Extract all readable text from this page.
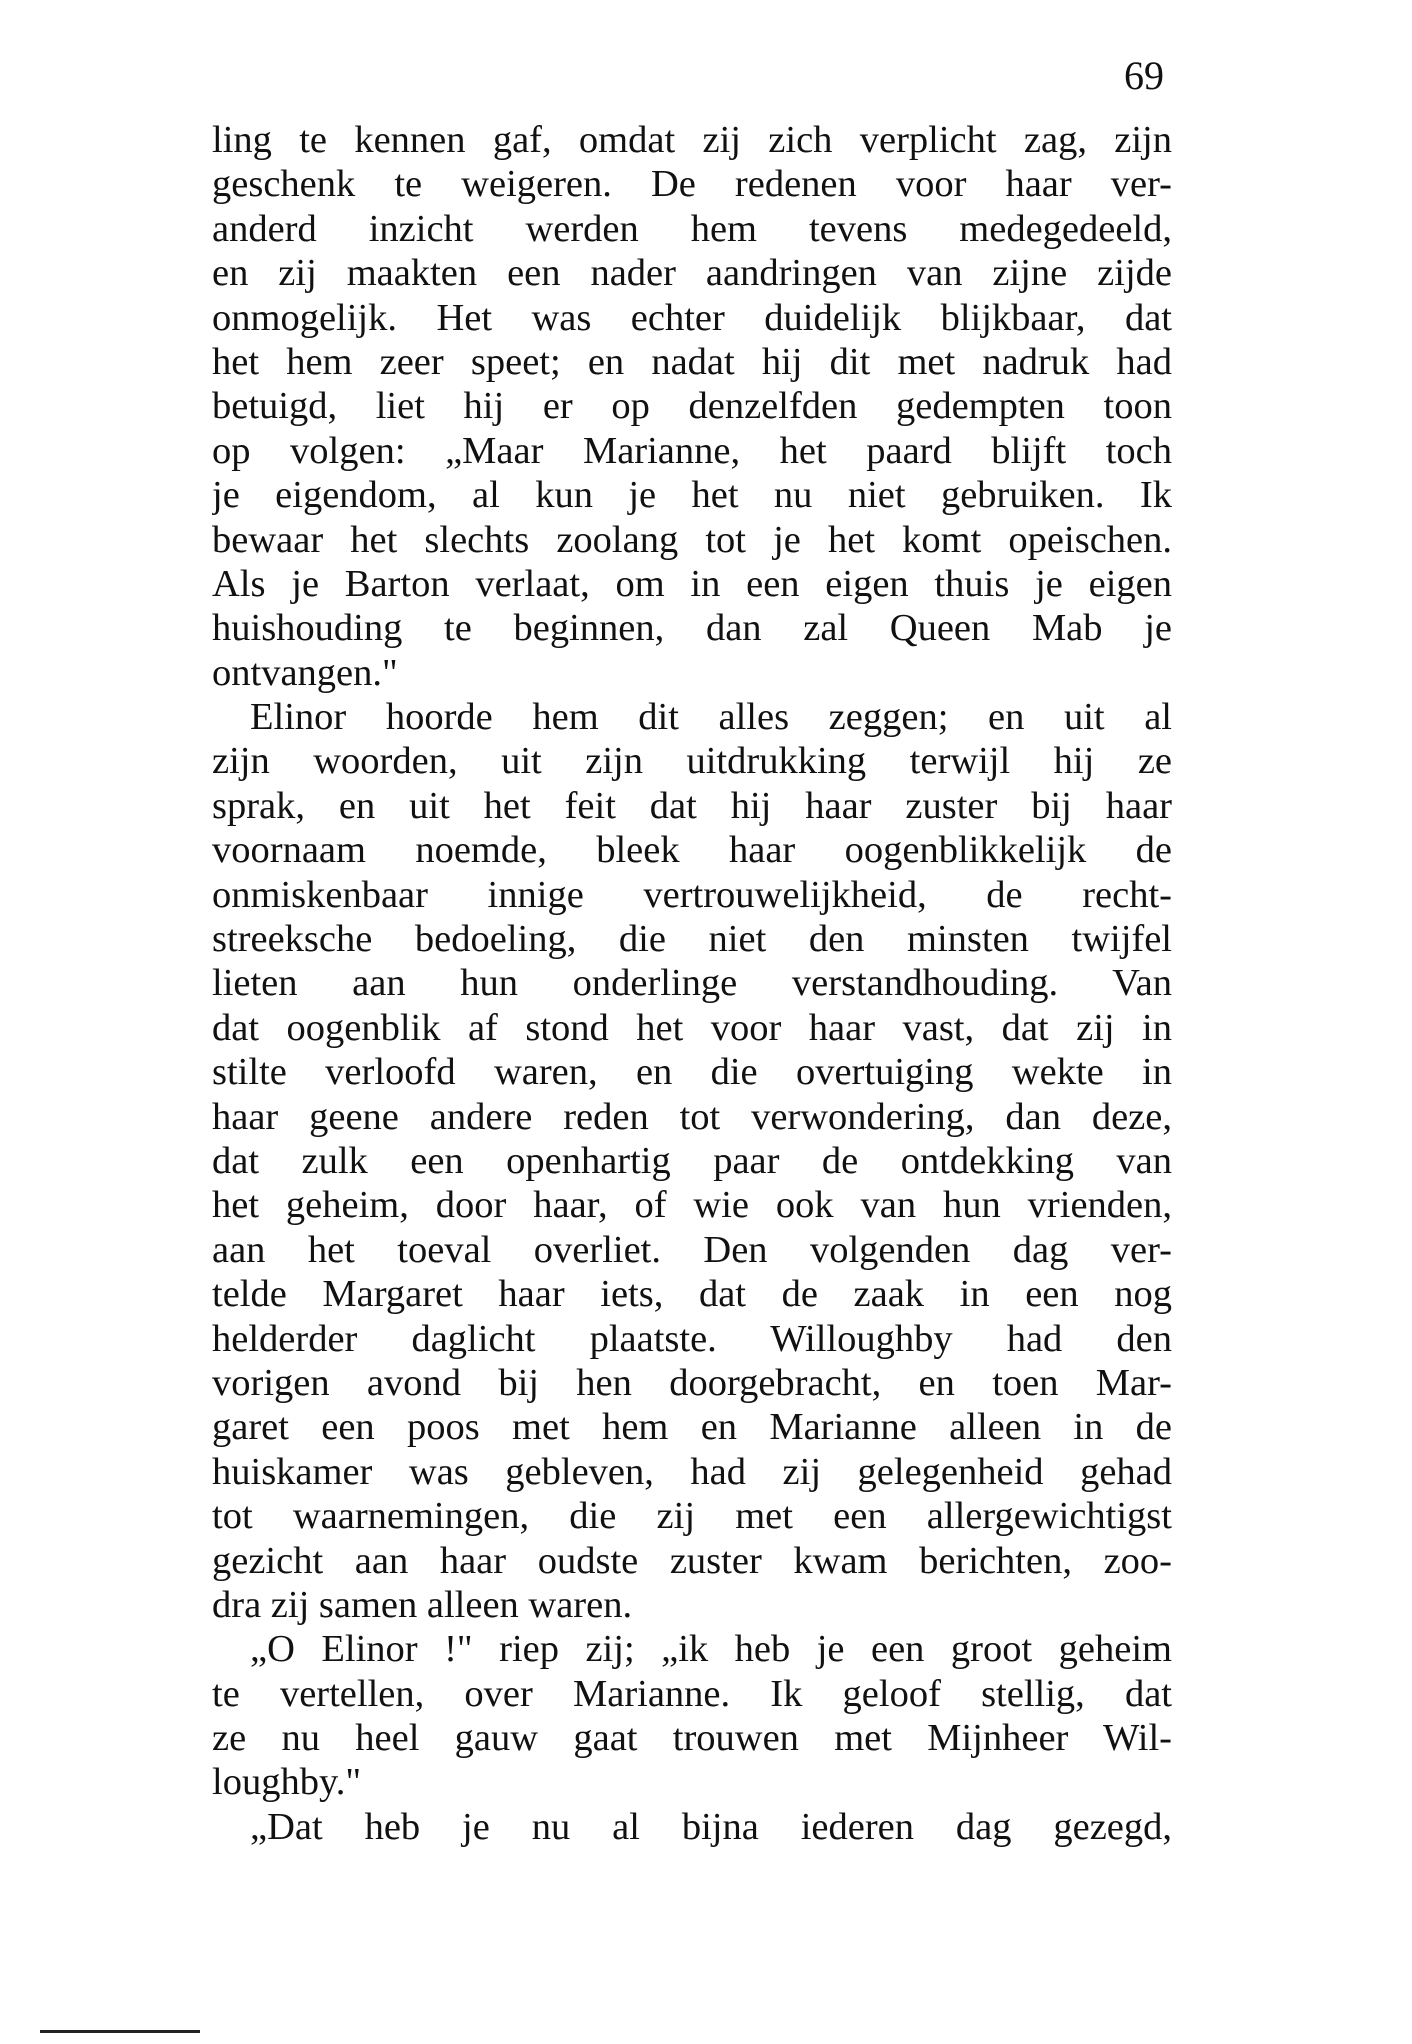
69
ling te kennen gaf, omdat zij zich verplicht zag, zijn
geschenk te weigeren. De redenen voor haar ver-
anderd inzicht werden hem tevens medegedeeld,
en zij maakten een nader aandringen van zijne zijde
onmogelijk. Het was echter duidelijk blijkbaar, dat
het hem zeer speet; en nadat hij dit met nadruk had
betuigd, liet hij er op denzelfden gedempten toon
op volgen: „Maar Marianne, het paard blijft toch
je eigendom, al kun je het nu niet gebruiken. Ik
bewaar het slechts zoolang tot je het komt opeischen.
Als je Barton verlaat, om in een eigen thuis je eigen
huishouding te beginnen, dan zal Queen Mab je
ontvangen."
Elinor hoorde hem dit alles zeggen; en uit al
zijn woorden, uit zijn uitdrukking terwijl hij ze
sprak, en uit het feit dat hij haar zuster bij haar
voornaam noemde, bleek haar oogenblikkelijk de
onmiskenbaar innige vertrouwelijkheid, de recht-
streeksche bedoeling, die niet den minsten twijfel
lieten aan hun onderlinge verstandhouding. Van
dat oogenblik af stond het voor haar vast, dat zij in
stilte verloofd waren, en die overtuiging wekte in
haar geene andere reden tot verwondering, dan deze,
dat zulk een openhartig paar de ontdekking van
het geheim, door haar, of wie ook van hun vrienden,
aan het toeval overliet. Den volgenden dag ver-
telde Margaret haar iets, dat de zaak in een nog
helderder daglicht plaatste. Willoughby had den
vorigen avond bij hen doorgebracht, en toen Mar-
garet een poos met hem en Marianne alleen in de
huiskamer was gebleven, had zij gelegenheid gehad
tot waarnemingen, die zij met een allergewichtigst
gezicht aan haar oudste zuster kwam berichten, zoo-
dra zij samen alleen waren.
„O Elinor !" riep zij; „ik heb je een groot geheim
te vertellen, over Marianne. Ik geloof stellig, dat
ze nu heel gauw gaat trouwen met Mijnheer Wil-
loughby."
„Dat heb je nu al bijna iederen dag gezegd,
